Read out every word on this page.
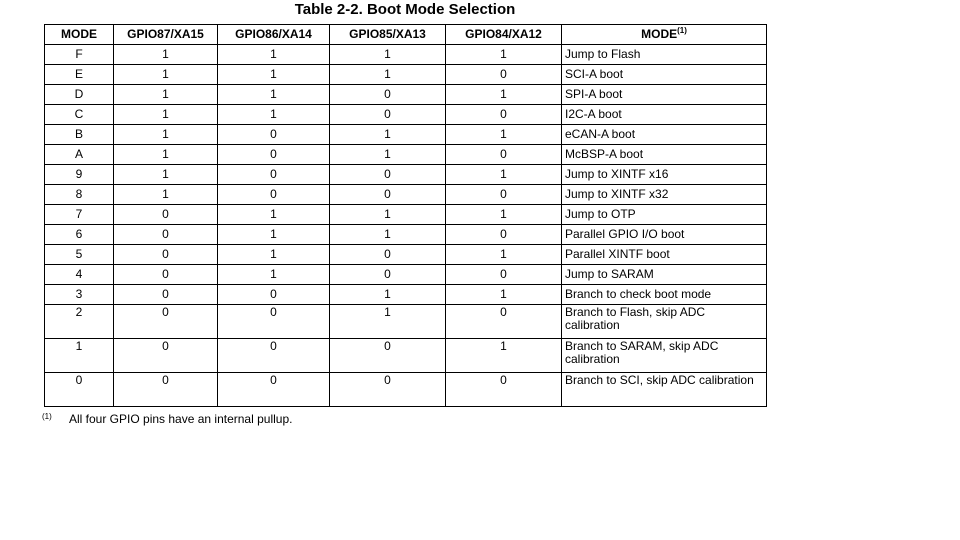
Table 2-2. Boot Mode Selection
MODE	GPIO87/XA15	GPIO86/XA14	GPIO85/XA13	GPIO84/XA12	MODE$^{(1)}$
F	1	1	1	1	Jump to Flash
E	1	1	1	0	SCI-A boot
D	1	1	0	1	SPI-A boot
C	1	1	0	0	I2C-A boot
B	1	0	1	1	eCAN-A boot
A	1	0	1	0	McBSP-A boot
9	1	0	0	1	Jump to XINTF x16
8	1	0	0	0	Jump to XINTF x32
7	0	1	1	1	Jump to OTP
6	0	1	1	0	Parallel GPIO I/O boot
5	0	1	0	1	Parallel XINTF boot
4	0	1	0	0	Jump to SARAM
3	0	0	1	1	Branch to check boot mode
2	0	0	1	0	Branch to Flash, skip ADC calibration
1	0	0	0	1	Branch to SARAM, skip ADC calibration
0	0	0	0	0	Branch to SCI, skip ADC calibration
(1) All four GPIO pins have an internal pullup.
